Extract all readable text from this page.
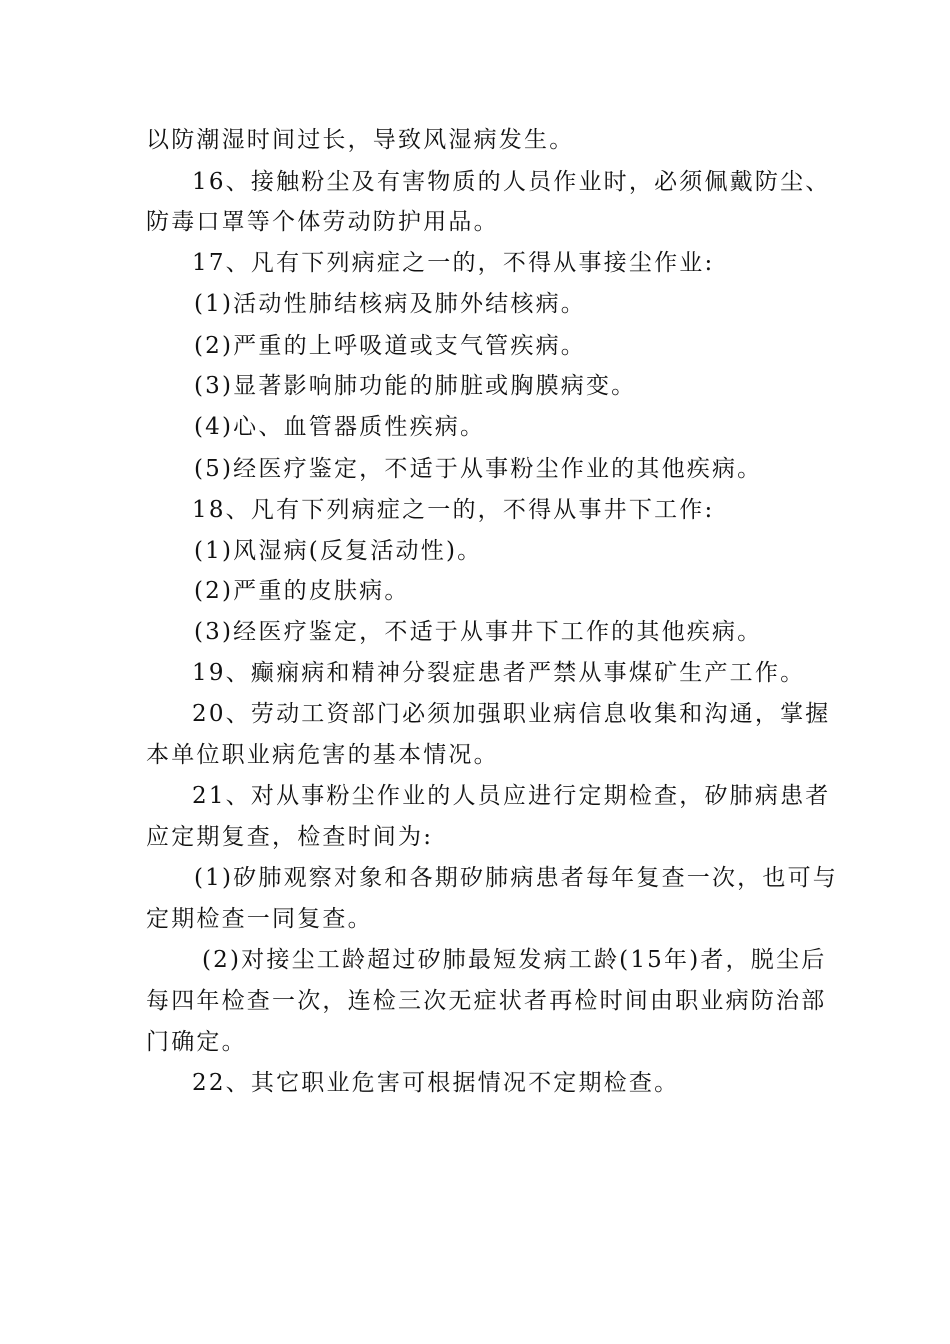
以防潮湿时间过长，导致风湿病发生。
16、接触粉尘及有害物质的人员作业时，必须佩戴防尘、
防毒口罩等个体劳动防护用品。
17、凡有下列病症之一的，不得从事接尘作业:
(1)活动性肺结核病及肺外结核病。
(2)严重的上呼吸道或支气管疾病。
(3)显著影响肺功能的肺脏或胸膜病变。
(4)心、血管器质性疾病。
(5)经医疗鉴定，不适于从事粉尘作业的其他疾病。
18、凡有下列病症之一的，不得从事井下工作:
(1)风湿病(反复活动性)。
(2)严重的皮肤病。
(3)经医疗鉴定，不适于从事井下工作的其他疾病。
19、癫痫病和精神分裂症患者严禁从事煤矿生产工作。
20、劳动工资部门必须加强职业病信息收集和沟通，掌握
本单位职业病危害的基本情况。
21、对从事粉尘作业的人员应进行定期检查，矽肺病患者
应定期复查，检查时间为:
(1)矽肺观察对象和各期矽肺病患者每年复查一次，也可与
定期检查一同复查。
(2)对接尘工龄超过矽肺最短发病工龄(15年)者，脱尘后
每四年检查一次，连检三次无症状者再检时间由职业病防治部
门确定。
22、其它职业危害可根据情况不定期检查。
